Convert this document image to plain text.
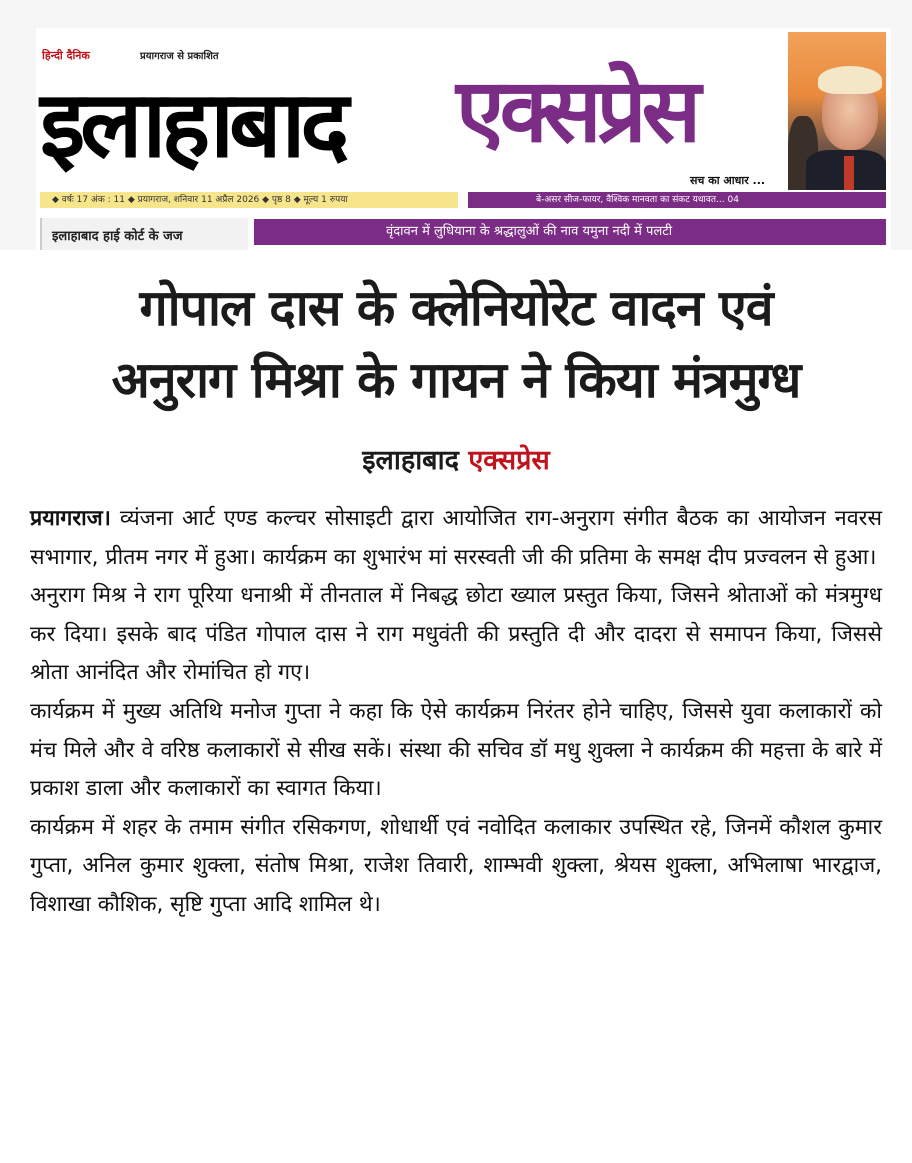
हिन्दी दैनिक	प्रयागराज से प्रकाशित
इलाहाबाद एक्सप्रेस
सच का आधार ...
◆ वर्षः 17 अंक : 11 ◆ प्रयागराज, शनिवार 11 अप्रैल 2026 ◆ पृष्ठ 8 ◆ मूल्य 1 रुपया	बे-असर सीज-फायर, वैश्विक मानवता का संकट यथावत... 04
इलाहाबाद हाई कोर्ट के जज	वृंदावन में लुधियाना के श्रद्धालुओं की नाव यमुना नदी में पलटी
गोपाल दास के क्लेनियोरेट वादन एवं
अनुराग मिश्रा के गायन ने किया मंत्रमुग्ध
इलाहाबाद एक्सप्रेस

प्रयागराज। व्यंजना आर्ट एण्ड कल्चर सोसाइटी द्वारा आयोजित राग-अनुराग संगीत बैठक का आयोजन नवरस सभागार, प्रीतम नगर में हुआ। कार्यक्रम का शुभारंभ मां सरस्वती जी की प्रतिमा के समक्ष दीप प्रज्वलन से हुआ।

अनुराग मिश्र ने राग पूरिया धनाश्री में तीनताल में निबद्ध छोटा ख्याल प्रस्तुत किया, जिसने श्रोताओं को मंत्रमुग्ध कर दिया। इसके बाद पंडित गोपाल दास ने राग मधुवंती की प्रस्तुति दी और दादरा से समापन किया, जिससे श्रोता आनंदित और रोमांचित हो गए।

कार्यक्रम में मुख्य अतिथि मनोज गुप्ता ने कहा कि ऐसे कार्यक्रम निरंतर होने चाहिए, जिससे युवा कलाकारों को मंच मिले और वे वरिष्ठ कलाकारों से सीख सकें। संस्था की सचिव डॉ मधु शुक्ला ने कार्यक्रम की महत्ता के बारे में प्रकाश डाला और कलाकारों का स्वागत किया।

कार्यक्रम में शहर के तमाम संगीत रसिकगण, शोधार्थी एवं नवोदित कलाकार उपस्थित रहे, जिनमें कौशल कुमार गुप्ता, अनिल कुमार शुक्ला, संतोष मिश्रा, राजेश तिवारी, शाम्भवी शुक्ला, श्रेयस शुक्ला, अभिलाषा भारद्वाज, विशाखा कौशिक, सृष्टि गुप्ता आदि शामिल थे।
